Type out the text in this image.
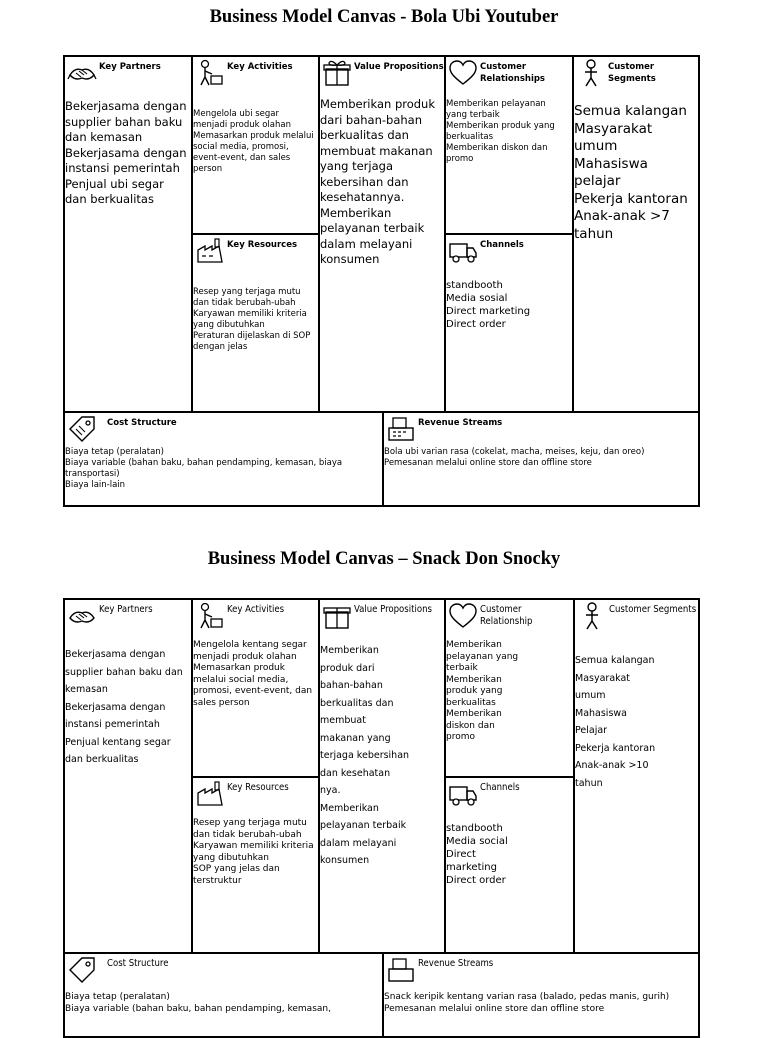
Business Model Canvas - Bola Ubi Youtuber
Key Partners
• Bekerjasama dengan supplier bahan baku dan kemasan
• Bekerjasama dengan instansi pemerintah
• Penjual ubi segar dan berkualitas
Key Activities
• Mengelola ubi segar menjadi produk olahan
• Memasarkan produk melalui social media, promosi, event-event, dan sales person
Key Resources
• Resep yang terjaga mutu dan tidak berubah-ubah
• Karyawan memiliki kriteria yang dibutuhkan
• Peraturan dijelaskan di SOP dengan jelas
Value Propositions
• Memberikan produk dari bahan-bahan berkualitas dan membuat makanan yang terjaga kebersihan dan kesehatannya.
• Memberikan pelayanan terbaik dalam melayani konsumen
Customer Relationships
• Memberikan pelayanan yang terbaik
• Memberikan produk yang berkualitas
• Memberikan diskon dan promo
Channels
• standbooth
• Media sosial
• Direct marketing
• Direct order
Customer Segments
• Semua kalangan
• Masyarakat umum
• Mahasiswa
• pelajar
• Pekerja kantoran
• Anak-anak >7 tahun
Cost Structure
• Biaya tetap (peralatan)
• Biaya variable (bahan baku, bahan pendamping, kemasan, biaya transportasi)
• Biaya lain-lain
Revenue Streams
• Bola ubi varian rasa (cokelat, macha, meises, keju, dan oreo)
• Pemesanan melalui online store dan offline store
Business Model Canvas – Snack Don Snocky
Key Partners
1. Bekerjasama dengan supplier bahan baku dan kemasan
2. Bekerjasama dengan instansi pemerintah
3. Penjual kentang segar dan berkualitas
Key Activities
1. Mengelola kentang segar menjadi produk olahan
2. Memasarkan produk melalui social media, promosi, event-event, dan sales person
Key Resources
1. Resep yang terjaga mutu dan tidak berubah-ubah
2. Karyawan memiliki kriteria yang dibutuhkan
3. SOP yang jelas dan terstruktur
Value Propositions
1. Memberikan produk dari bahan-bahan berkualitas dan membuat makanan yang terjaga kebersihan dan kesehatan nya.
2. Memberikan pelayanan terbaik dalam melayani konsumen
Customer Relationship
1. Memberikan pelayanan yang terbaik
2. Memberikan produk yang berkualitas
3. Memberikan diskon dan promo
Channels
1. standbooth
2. Media social
3. Direct marketing
4. Direct order
Customer Segments
1. Semua kalangan
2. Masyarakat umum
3. Mahasiswa
4. Pelajar
5. Pekerja kantoran
6. Anak-anak >10 tahun
Cost Structure
1. Biaya tetap (peralatan)
2. Biaya variable (bahan baku, bahan pendamping, kemasan,
Revenue Streams
1. Snack keripik kentang varian rasa (balado, pedas manis, gurih)
2. Pemesanan melalui online store dan offline store
